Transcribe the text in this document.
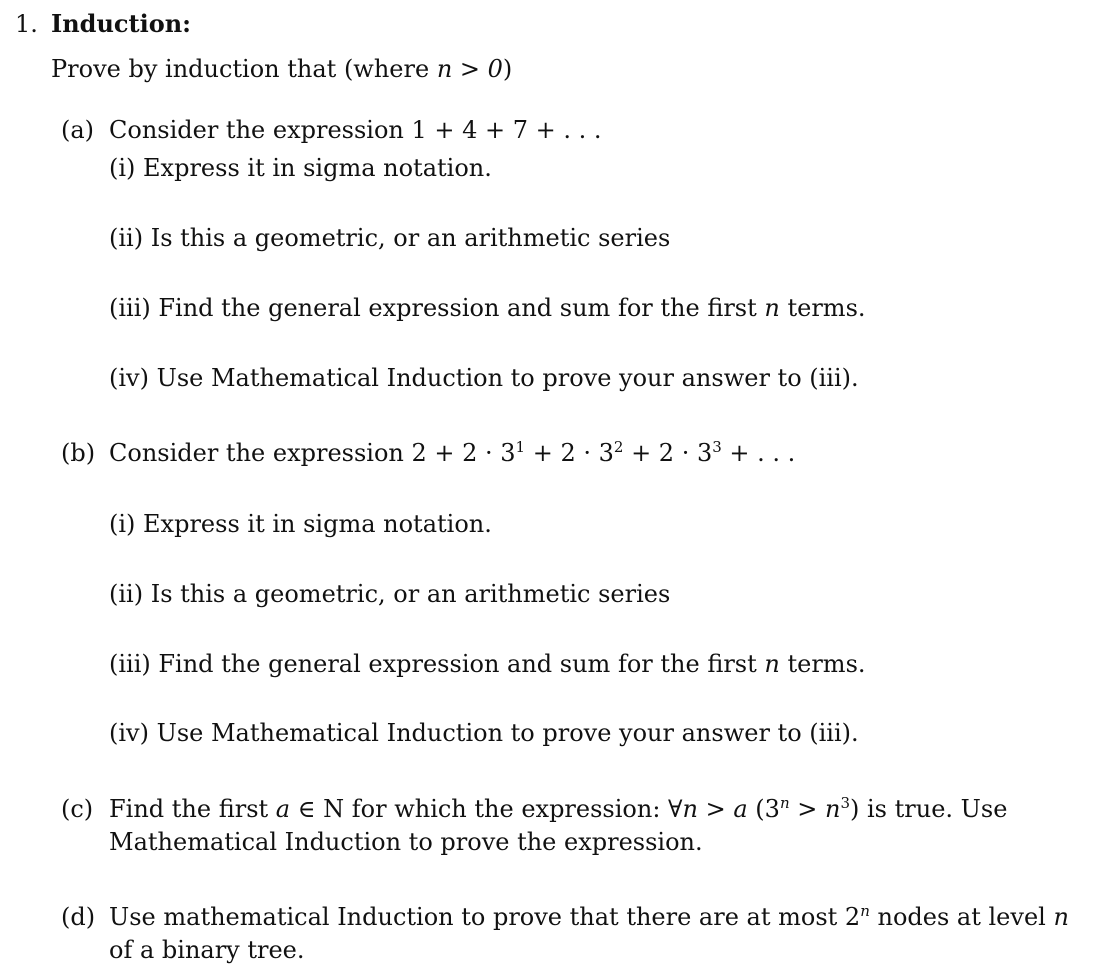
1. Induction:
Prove by induction that (where n > 0)
(a) Consider the expression 1 + 4 + 7 + . . .
(i) Express it in sigma notation.
(ii) Is this a geometric, or an arithmetic series
(iii) Find the general expression and sum for the first n terms.
(iv) Use Mathematical Induction to prove your answer to (iii).
(b) Consider the expression $2 + 2 \cdot 3^1 + 2 \cdot 3^2 + 2 \cdot 3^3$ + . . .
(i) Express it in sigma notation.
(ii) Is this a geometric, or an arithmetic series
(iii) Find the general expression and sum for the first n terms.
(iv) Use Mathematical Induction to prove your answer to (iii).
(c) Find the first a ∈ N for which the expression: ∀n > a $(3^n > n^3)$ is true. Use
Mathematical Induction to prove the expression.
(d) Use mathematical Induction to prove that there are at most 2$^n$ nodes at level n
of a binary tree.
